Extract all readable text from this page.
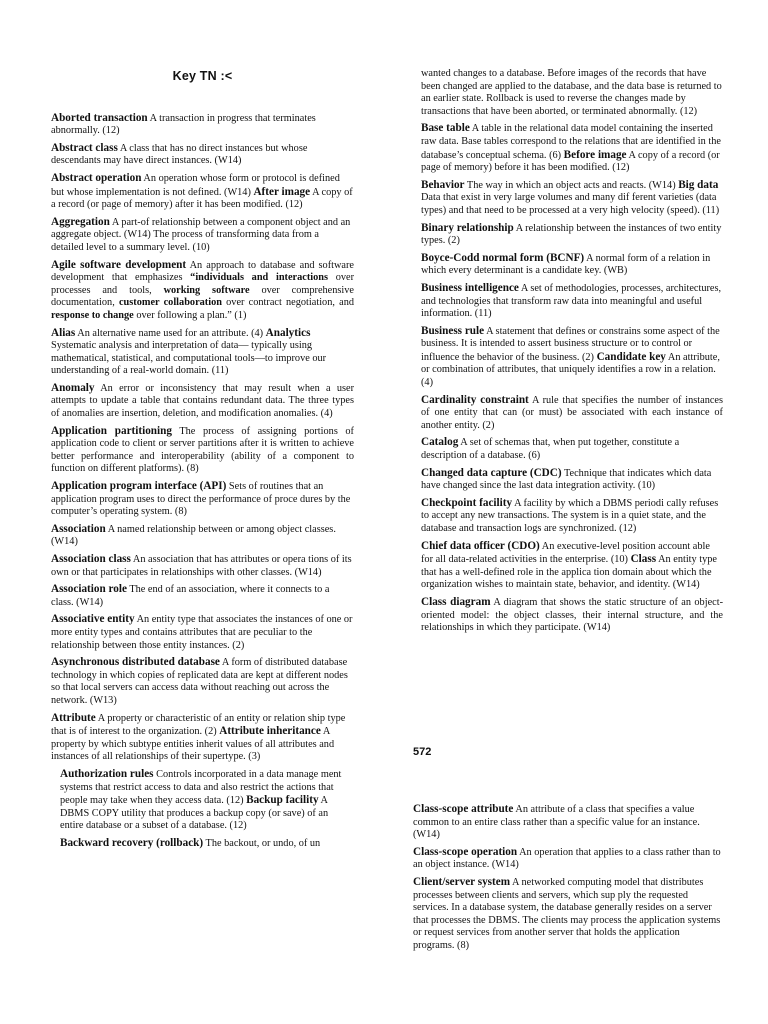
Key TN :<

Aborted transaction A transaction in progress that terminates abnormally. (12)

Abstract class A class that has no direct instances but whose descendants may have direct instances. (W14)

Abstract operation An operation whose form or protocol is defined but whose implementation is not defined. (W14) After image A copy of a record (or page of memory) after it has been modified. (12)

Aggregation A part-of relationship between a component object and an aggregate object. (W14) The process of transforming data from a detailed level to a summary level. (10)

Agile software development An approach to database and software development that emphasizes “individuals and interactions over processes and tools, working software over comprehensive documentation, customer collaboration over contract negotiation, and response to change over following a plan.” (1)

Alias An alternative name used for an attribute. (4) Analytics Systematic analysis and interpretation of data— typically using mathematical, statistical, and computational tools—to improve our understanding of a real-world domain. (11)

Anomaly An error or inconsistency that may result when a user attempts to update a table that contains redundant data. The three types of anomalies are insertion, deletion, and modification anomalies. (4)

Application partitioning The process of assigning portions of application code to client or server partitions after it is written to achieve better performance and interoperability (ability of a component to function on different platforms). (8)

Application program interface (API) Sets of routines that an application program uses to direct the performance of proce dures by the computer’s operating system. (8)

Association A named relationship between or among object classes. (W14)

Association class An association that has attributes or opera tions of its own or that participates in relationships with other classes. (W14)

Association role The end of an association, where it connects to a class. (W14)

Associative entity An entity type that associates the instances of one or more entity types and contains attributes that are peculiar to the relationship between those entity instances. (2)

Asynchronous distributed database A form of distributed database technology in which copies of replicated data are kept at different nodes so that local servers can access data without reaching out across the network. (W13)

Attribute A property or characteristic of an entity or relation ship type that is of interest to the organization. (2) Attribute inheritance A property by which subtype entities inherit values of all attributes and instances of all relationships of their supertype. (3)

Authorization rules Controls incorporated in a data manage ment systems that restrict access to data and also restrict the actions that people may take when they access data. (12) Backup facility A DBMS COPY utility that produces a backup copy (or save) of an entire database or a subset of a database. (12)

Backward recovery (rollback) The backout, or undo, of un

wanted changes to a database. Before images of the records that have been changed are applied to the database, and the data base is returned to an earlier state. Rollback is used to reverse the changes made by transactions that have been aborted, or terminated abnormally. (12)

Base table A table in the relational data model containing the inserted raw data. Base tables correspond to the relations that are identified in the database’s conceptual schema. (6) Before image A copy of a record (or page of memory) before it has been modified. (12)

Behavior The way in which an object acts and reacts. (W14) Big data Data that exist in very large volumes and many dif ferent varieties (data types) and that need to be processed at a very high velocity (speed). (11)

Binary relationship A relationship between the instances of two entity types. (2)

Boyce-Codd normal form (BCNF) A normal form of a relation in which every determinant is a candidate key. (WB)

Business intelligence A set of methodologies, processes, architectures, and technologies that transform raw data into meaningful and useful information. (11)

Business rule A statement that defines or constrains some aspect of the business. It is intended to assert business structure or to control or influence the behavior of the business. (2) Candidate key An attribute, or combination of attributes, that uniquely identifies a row in a relation. (4)

Cardinality constraint A rule that specifies the number of instances of one entity that can (or must) be associated with each instance of another entity. (2)

Catalog A set of schemas that, when put together, constitute a description of a database. (6)

Changed data capture (CDC) Technique that indicates which data have changed since the last data integration activity. (10)

Checkpoint facility A facility by which a DBMS periodi cally refuses to accept any new transactions. The system is in a quiet state, and the database and transaction logs are synchronized. (12)

Chief data officer (CDO) An executive-level position account able for all data-related activities in the enterprise. (10) Class An entity type that has a well-defined role in the applica tion domain about which the organization wishes to maintain state, behavior, and identity. (W14)

Class diagram A diagram that shows the static structure of an object-oriented model: the object classes, their internal structure, and the relationships in which they participate. (W14)

572

Class-scope attribute An attribute of a class that specifies a value common to an entire class rather than a specific value for an instance. (W14)

Class-scope operation An operation that applies to a class rather than to an object instance. (W14)

Client/server system A networked computing model that distributes processes between clients and servers, which sup ply the requested services. In a database system, the database generally resides on a server that processes the DBMS. The clients may process the application systems or request services from another server that holds the application programs. (8)
